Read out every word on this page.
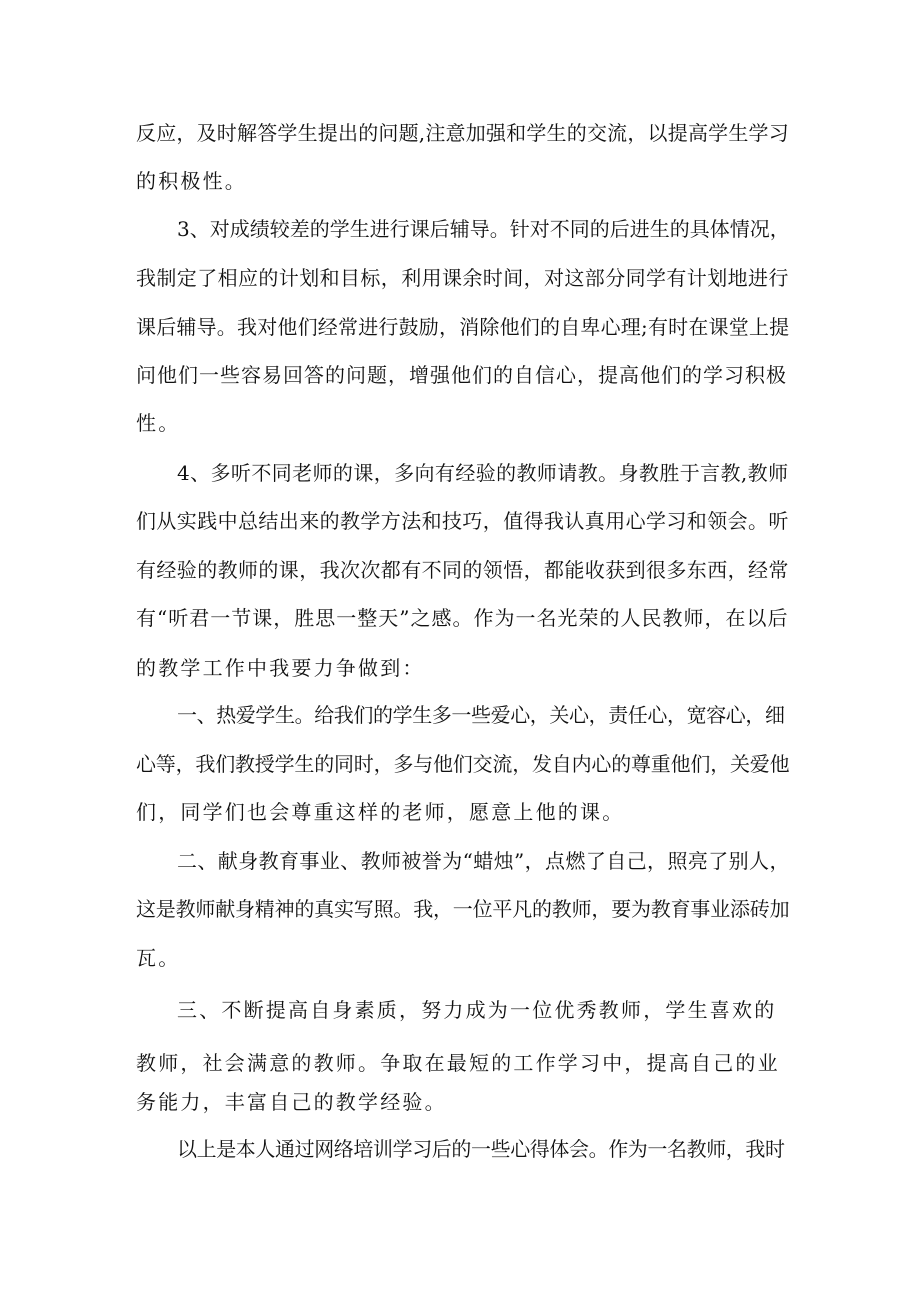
反应，及时解答学生提出的问题,注意加强和学生的交流，以提高学生学习
的积极性。
3、对成绩较差的学生进行课后辅导。针对不同的后进生的具体情况，
我制定了相应的计划和目标，利用课余时间，对这部分同学有计划地进行
课后辅导。我对他们经常进行鼓励，消除他们的自卑心理;有时在课堂上提
问他们一些容易回答的问题，增强他们的自信心，提高他们的学习积极
性。
4、多听不同老师的课，多向有经验的教师请教。身教胜于言教,教师
们从实践中总结出来的教学方法和技巧，值得我认真用心学习和领会。听
有经验的教师的课，我次次都有不同的领悟，都能收获到很多东西，经常
有“听君一节课，胜思一整天”之感。作为一名光荣的人民教师，在以后
的教学工作中我要力争做到：
一、热爱学生。给我们的学生多一些爱心，关心，责任心，宽容心，细
心等，我们教授学生的同时，多与他们交流，发自内心的尊重他们，关爱他
们，同学们也会尊重这样的老师，愿意上他的课。
二、献身教育事业、教师被誉为“蜡烛”，点燃了自己，照亮了别人，
这是教师献身精神的真实写照。我，一位平凡的教师，要为教育事业添砖加
瓦。
三、不断提高自身素质，努力成为一位优秀教师，学生喜欢的
教师，社会满意的教师。争取在最短的工作学习中，提高自己的业
务能力，丰富自己的教学经验。
以上是本人通过网络培训学习后的一些心得体会。作为一名教师，我时
